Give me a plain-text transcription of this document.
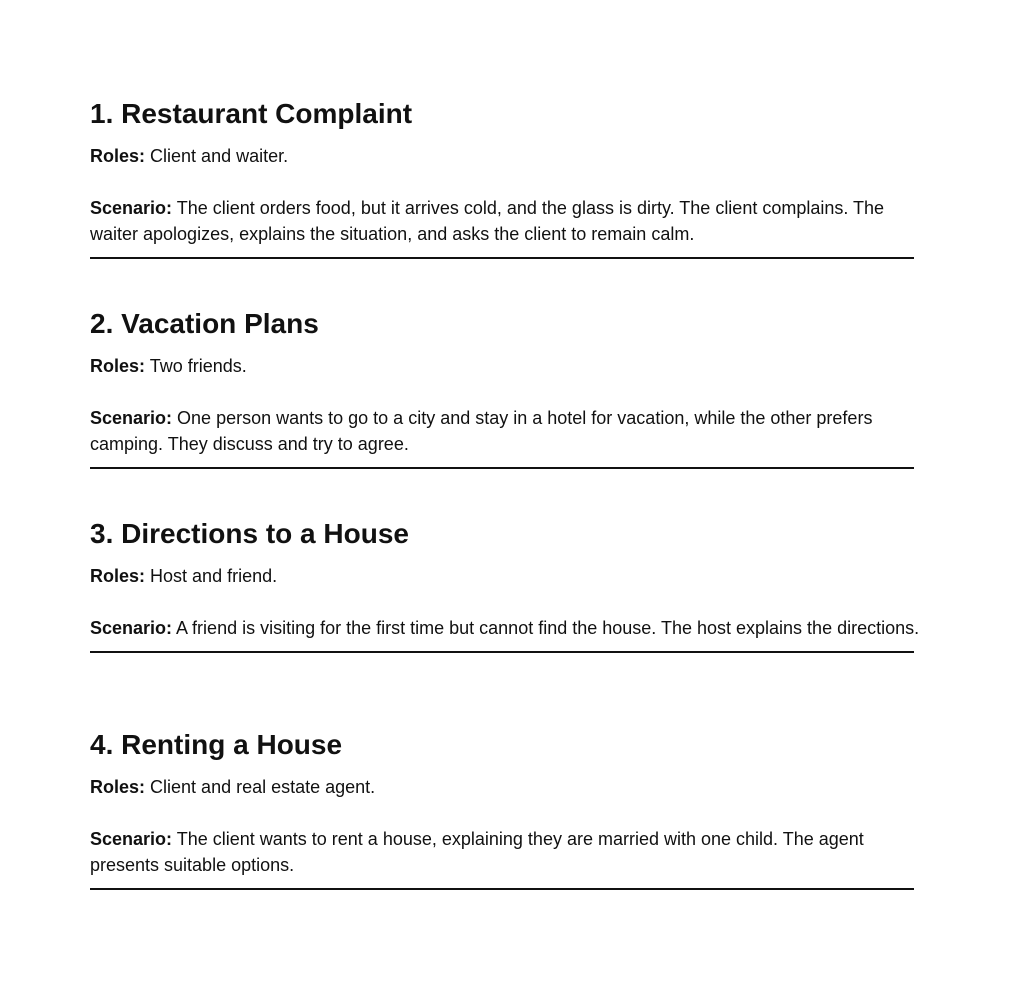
1. Restaurant Complaint

Roles: Client and waiter.

Scenario: The client orders food, but it arrives cold, and the glass is dirty. The client complains. The waiter apologizes, explains the situation, and asks the client to remain calm.

2. Vacation Plans

Roles: Two friends.

Scenario: One person wants to go to a city and stay in a hotel for vacation, while the other prefers camping. They discuss and try to agree.

3. Directions to a House

Roles: Host and friend.

Scenario: A friend is visiting for the first time but cannot find the house. The host explains the directions.

4. Renting a House

Roles: Client and real estate agent.

Scenario: The client wants to rent a house, explaining they are married with one child. The agent presents suitable options.
